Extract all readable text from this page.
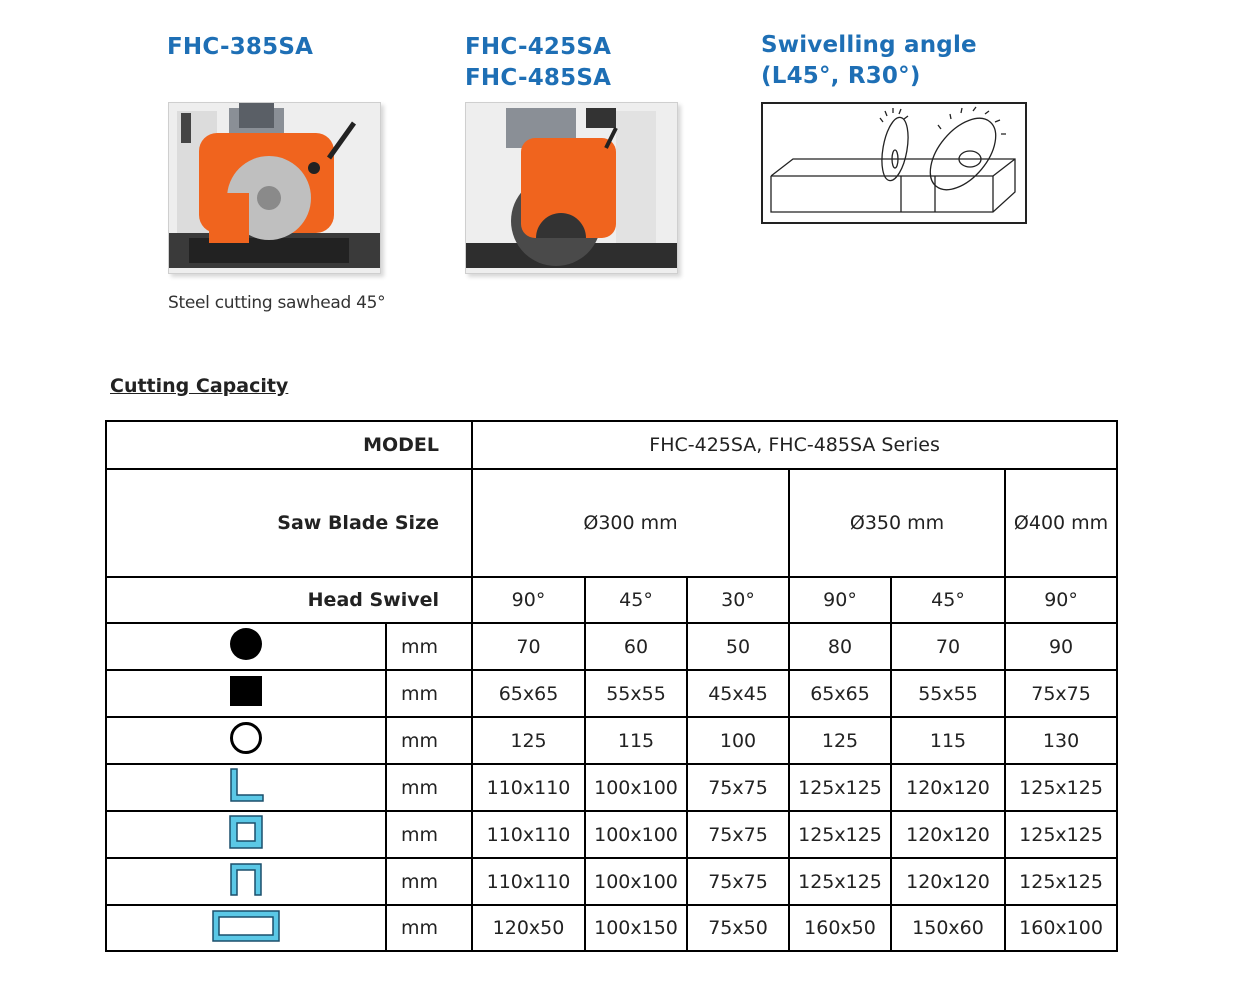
FHC-385SA	FHC-425SA
FHC-485SA
Swivelling angle
(L45°, R30°)
Steel cutting sawhead 45°
Cutting Capacity
MODEL		FHC-425SA, FHC-485SA Series					
Saw Blade Size		Ø300 mm			Ø350 mm		Ø400 mm
Head Swivel		90°	45°	30°	90°	45°	90°
	mm	70	60	50	80	70	90
	mm	65x65	55x55	45x45	65x65	55x55	75x75
	mm	125	115	100	125	115	130
	mm	110x110	100x100	75x75	125x125	120x120	125x125
	mm	110x110	100x100	75x75	125x125	120x120	125x125
	mm	110x110	100x100	75x75	125x125	120x120	125x125
	mm	120x50	100x150	75x50	160x50	150x60	160x100
